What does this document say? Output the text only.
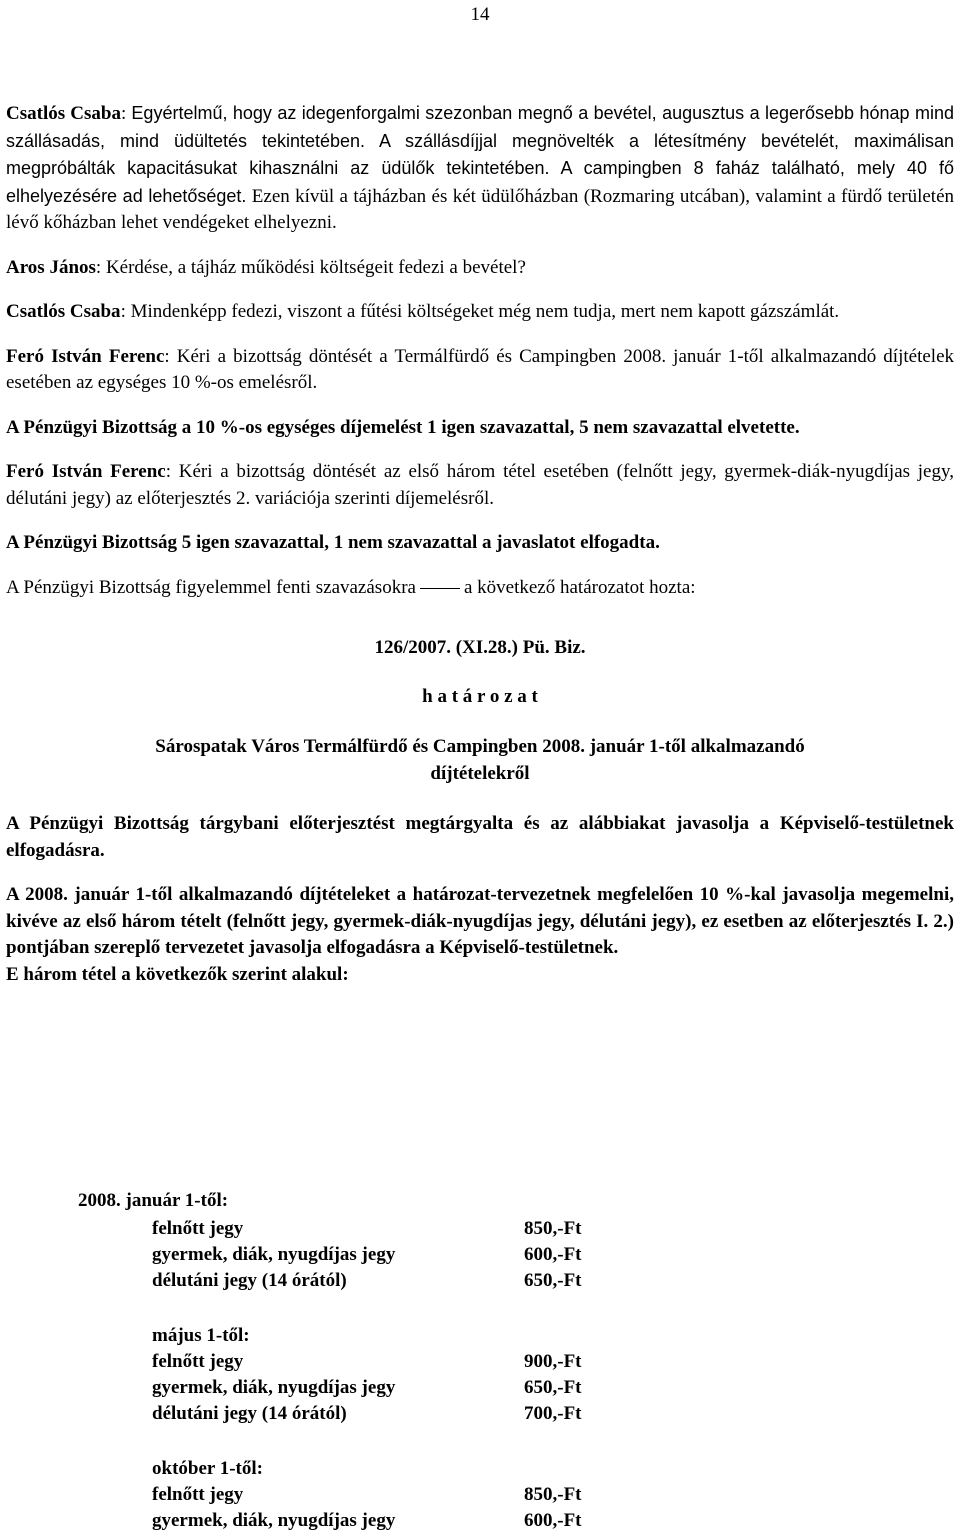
14

Csatlós Csaba: Egyértelmű, hogy az idegenforgalmi szezonban megnő a bevétel, augusztus a legerősebb hónap mind szállásadás, mind üdültetés tekintetében. A szállásdíjjal megnövelték a létesítmény bevételét, maximálisan megpróbálták kapacitásukat kihasználni az üdülők tekintetében. A campingben 8 faház található, mely 40 fő elhelyezésére ad lehetőséget. Ezen kívül a tájházban és két üdülőházban (Rozmaring utcában), valamint a fürdő területén lévő kőházban lehet vendégeket elhelyezni.

Aros János: Kérdése, a tájház működési költségeit fedezi a bevétel?

Csatlós Csaba: Mindenképp fedezi, viszont a fűtési költségeket még nem tudja, mert nem kapott gázszámlát.

Feró István Ferenc: Kéri a bizottság döntését a Termálfürdő és Campingben 2008. január 1-től alkalmazandó díjtételek esetében az egységes 10 %-os emelésről.

A Pénzügyi Bizottság a 10 %-os egységes díjemelést 1 igen szavazattal, 5 nem szavazattal elvetette.

Feró István Ferenc: Kéri a bizottság döntését az első három tétel esetében (felnőtt jegy, gyermek-diák-nyugdíjas jegy, délutáni jegy) az előterjesztés 2. variációja szerinti díjemelésről.

A Pénzügyi Bizottság 5 igen szavazattal, 1 nem szavazattal a javaslatot elfogadta.

A Pénzügyi Bizottság figyelemmel fenti szavazásokra	a következő határozatot hozta:

126/2007. (XI.28.) Pü. Biz.
h a t á r o z a t
Sárospatak Város Termálfürdő és Campingben 2008. január 1-től alkalmazandó
díjtételekről

A Pénzügyi Bizottság tárgybani előterjesztést megtárgyalta és az alábbiakat javasolja a Képviselő-testületnek elfogadásra.

A 2008. január 1-től alkalmazandó díjtételeket a határozat-tervezetnek megfelelően 10 %-kal javasolja megemelni, kivéve az első három tételt (felnőtt jegy, gyermek-diák-nyugdíjas jegy, délutáni jegy), ez esetben az előterjesztés I. 2.) pontjában szereplő tervezetet javasolja elfogadásra a Képviselő-testületnek.

E három tétel a következők szerint alakul:

2008. január 1-től:
felnőtt jegy	850,-Ft
gyermek, diák, nyugdíjas jegy	600,-Ft
délutáni jegy (14 órától)	650,-Ft
május 1-től:
felnőtt jegy	900,-Ft
gyermek, diák, nyugdíjas jegy	650,-Ft
délutáni jegy (14 órától)	700,-Ft
október 1-től:
felnőtt jegy	850,-Ft
gyermek, diák, nyugdíjas jegy	600,-Ft
